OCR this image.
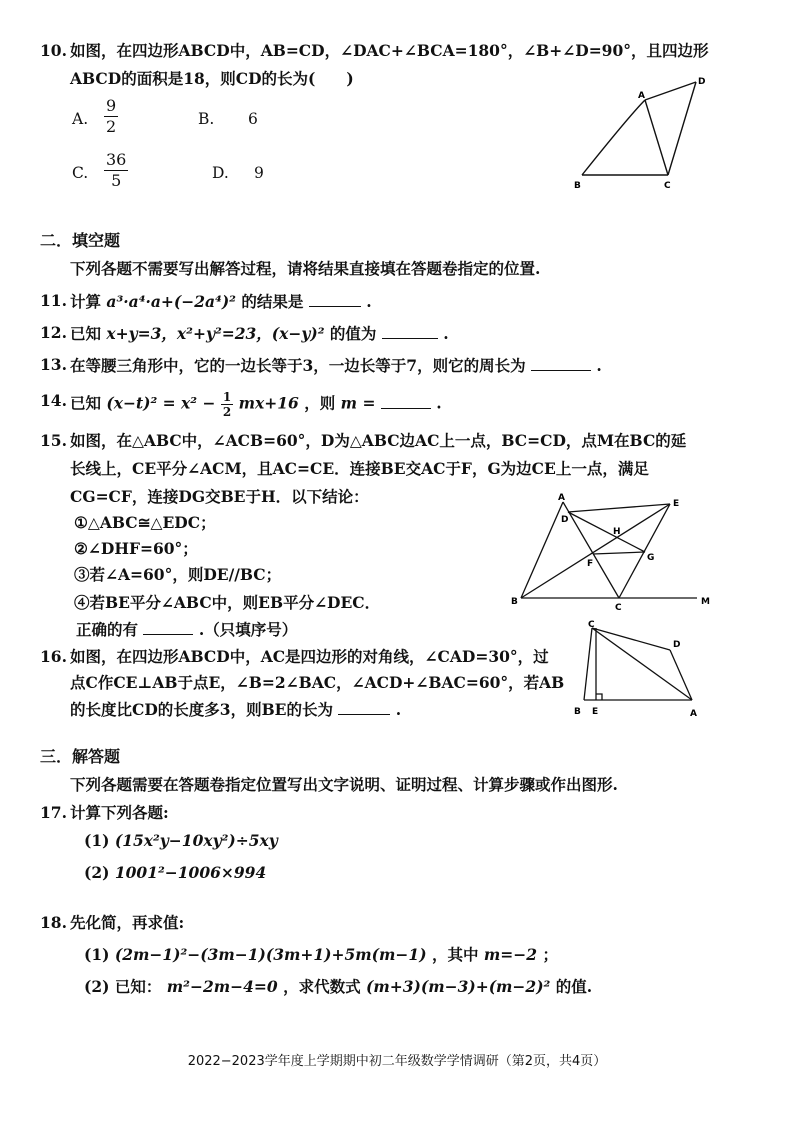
10. 如图，在四边形ABCD中，AB=CD，∠DAC+∠BCA=180°，∠B+∠D=90°，且四边形
ABCD的面积是18，则CD的长为(　　)
A. $\frac{9}{2}$	B. 6
C. $\frac{36}{5}$	D. 9
A
B	C
D
二．填空题
下列各题不需要写出解答过程，请将结果直接填在答题卷指定的位置.
11. 计算 a³·a⁴·a+(−2a⁴)² 的结果是	.
12. 已知 x+y=3，x²+y²=23，(x−y)² 的值为	.
13. 在等腰三角形中，它的一边长等于3，一边长等于7，则它的周长为	.
14. 已知 $(x-t)^2 = x^2 - \frac{1}{2} mx+16$ ，则 m =	.
15. 如图，在△ABC中，∠ACB=60°，D为△ABC边AC上一点，BC=CD，点M在BC的延
长线上，CE平分∠ACM，且AC=CE．连接BE交AC于F，G为边CE上一点，满足
CG=CF，连接DG交BE于H．以下结论：
①△ABC≅△EDC；
②∠DHF=60°；
③若∠A=60°，则DE//BC；
④若BE平分∠ABC中，则EB平分∠DEC．
正确的有	.（只填序号）
A
B
C
D
E
F
G
H
M
16. 如图，在四边形ABCD中，AC是四边形的对角线，∠CAD=30°，过
点C作CE⊥AB于点E，∠B=2∠BAC，∠ACD+∠BAC=60°，若AB
的长度比CD的长度多3，则BE的长为	.
C
D
B E	A
三．解答题
下列各题需要在答题卷指定位置写出文字说明、证明过程、计算步骤或作出图形.
17. 计算下列各题:
(1) (15x²y−10xy²)÷5xy
(2) 1001²−1006×994
18. 先化简，再求值:
(1) (2m−1)²−(3m−1)(3m+1)+5m(m−1) ，其中 m=−2 ；
(2) 已知： m²−2m−4=0 ，求代数式 (m+3)(m−3)+(m−2)² 的值.
2022−2023学年度上学期期中初二年级数学学情调研（第2页，共4页）
